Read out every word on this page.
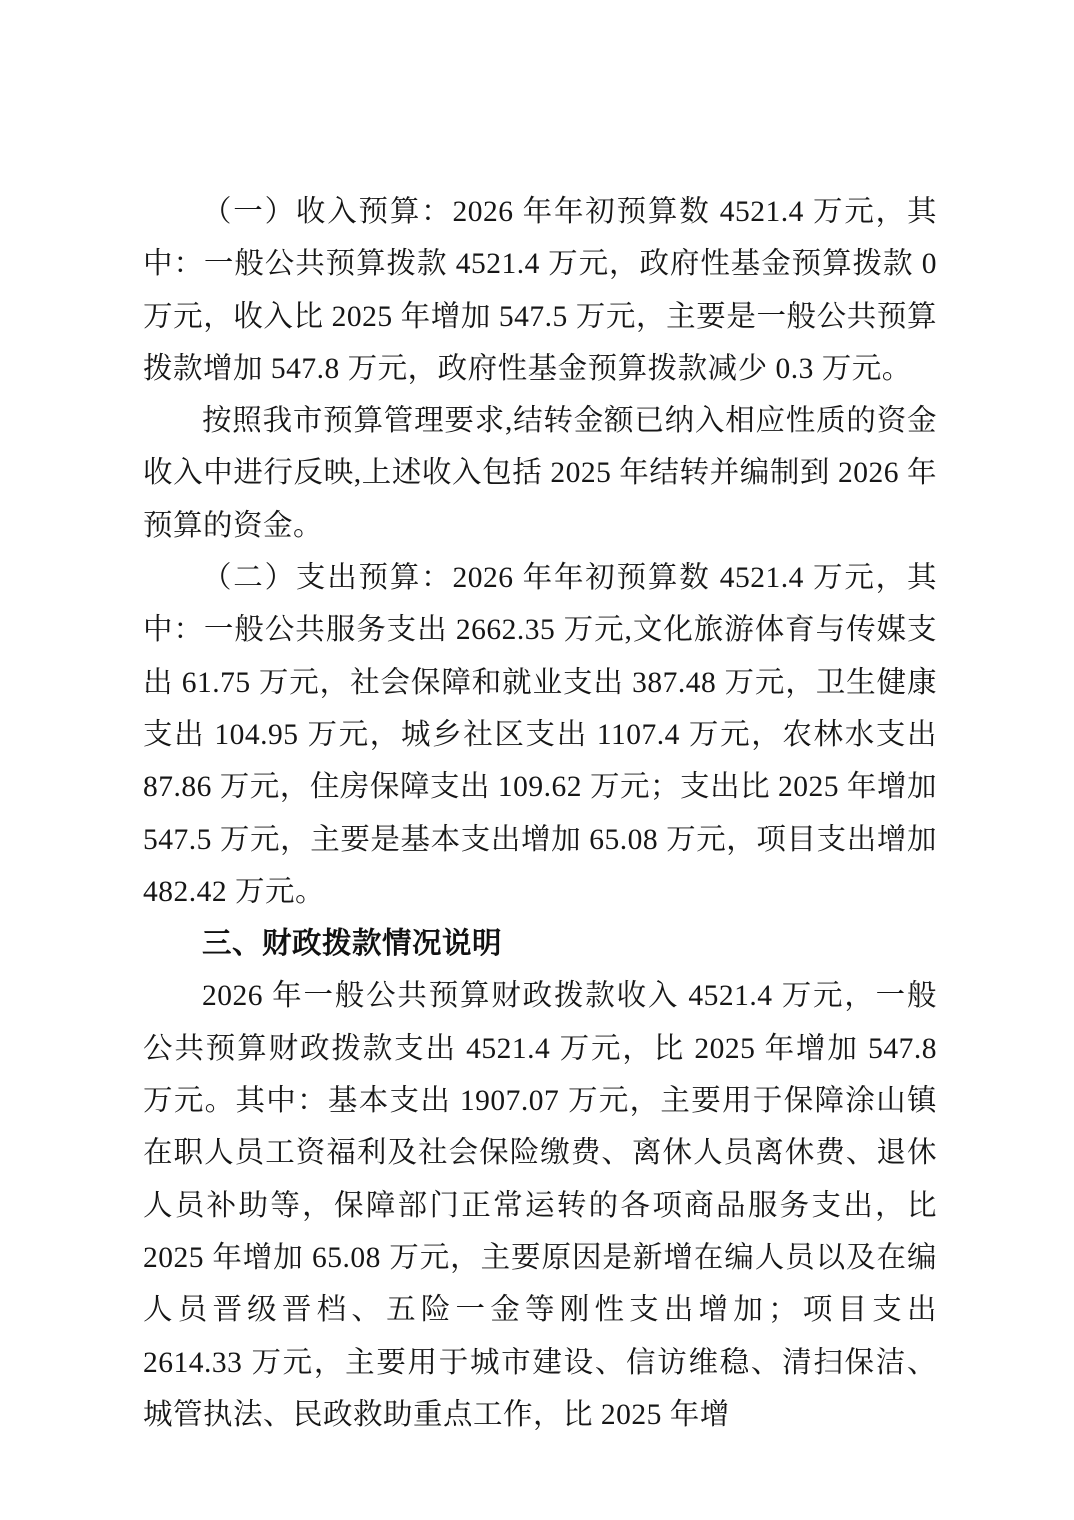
（一）收入预算：2026 年年初预算数 4521.4 万元，其中：一般公共预算拨款 4521.4 万元，政府性基金预算拨款 0 万元，收入比 2025 年增加 547.5 万元，主要是一般公共预算拨款增加 547.8 万元，政府性基金预算拨款减少 0.3 万元。

按照我市预算管理要求,结转金额已纳入相应性质的资金收入中进行反映,上述收入包括 2025 年结转并编制到 2026 年预算的资金。

（二）支出预算：2026 年年初预算数 4521.4 万元，其中：一般公共服务支出 2662.35 万元,文化旅游体育与传媒支出 61.75 万元，社会保障和就业支出 387.48 万元，卫生健康支出 104.95 万元，城乡社区支出 1107.4 万元，农林水支出 87.86 万元，住房保障支出 109.62 万元；支出比 2025 年增加 547.5 万元，主要是基本支出增加 65.08 万元，项目支出增加 482.42 万元。

三、财政拨款情况说明

2026 年一般公共预算财政拨款收入 4521.4 万元，一般公共预算财政拨款支出 4521.4 万元，比 2025 年增加 547.8 万元。其中：基本支出 1907.07 万元，主要用于保障涂山镇在职人员工资福利及社会保险缴费、离休人员离休费、退休人员补助等，保障部门正常运转的各项商品服务支出，比 2025 年增加 65.08 万元，主要原因是新增在编人员以及在编人员晋级晋档、五险一金等刚性支出增加；项目支出 2614.33 万元，主要用于城市建设、信访维稳、清扫保洁、城管执法、民政救助重点工作，比 2025 年增
